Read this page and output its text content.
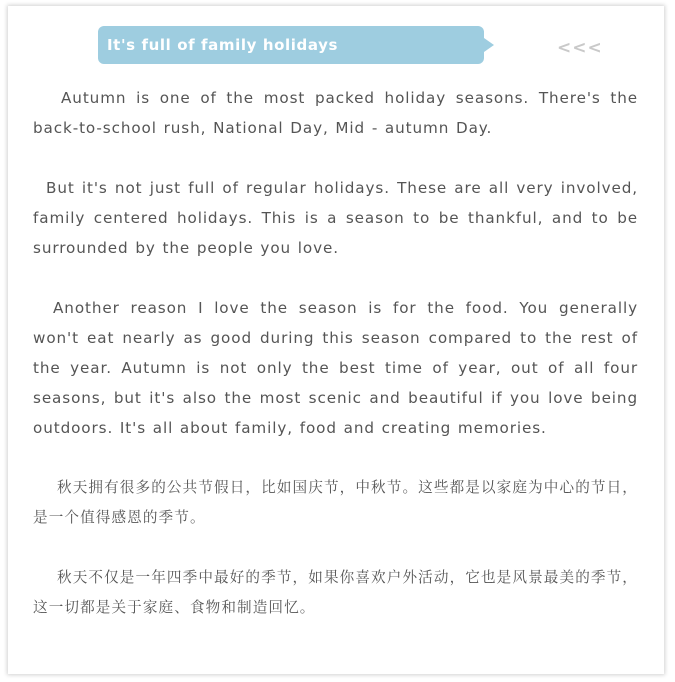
It's full of family holidays	<<<

Autumn is one of the most packed holiday seasons. There's the back-to-school rush, National Day, Mid - autumn Day.

But it's not just full of regular holidays. These are all very involved, family centered holidays. This is a season to be thankful, and to be surrounded by the people you love.

Another reason I love the season is for the food. You generally won't eat nearly as good during this season compared to the rest of the year. Autumn is not only the best time of year, out of all four seasons, but it's also the most scenic and beautiful if you love being outdoors. It's all about family, food and creating memories.

秋天拥有很多的公共节假日，比如国庆节，中秋节。这些都是以家庭为中心的节日，是一个值得感恩的季节。

秋天不仅是一年四季中最好的季节，如果你喜欢户外活动，它也是风景最美的季节，这一切都是关于家庭、食物和制造回忆。
